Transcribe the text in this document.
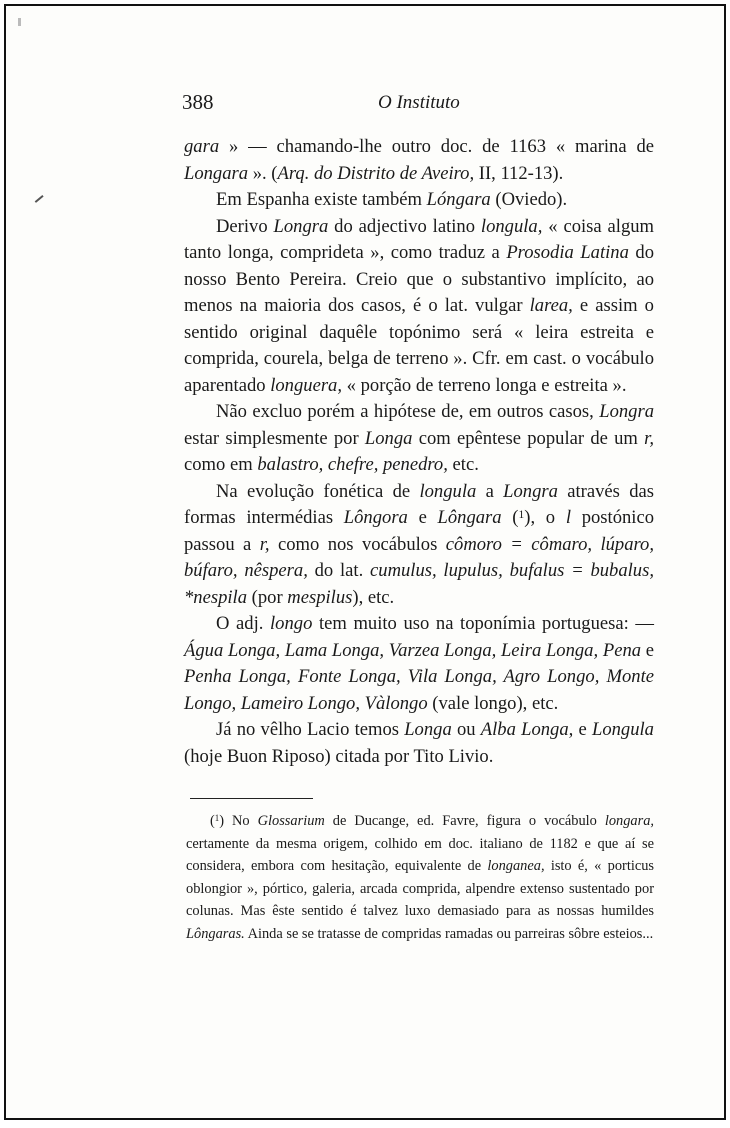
388	O Instituto

gara » — chamando-lhe outro doc. de 1163 « marina de Longara ». (Arq. do Distrito de Aveiro, II, 112-13).

Em Espanha existe também Lóngara (Oviedo).

Derivo Longra do adjectivo latino longula, « coisa algum tanto longa, comprideta », como traduz a Prosodia Latina do nosso Bento Pereira. Creio que o substantivo implícito, ao menos na maioria dos casos, é o lat. vulgar larea, e assim o sentido original daquêle topónimo será « leira estreita e comprida, courela, belga de terreno ». Cfr. em cast. o vocábulo aparentado longuera, « porção de terreno longa e estreita ».

Não excluo porém a hipótese de, em outros casos, Longra estar simplesmente por Longa com epêntese popular de um r, como em balastro, chefre, penedro, etc.

Na evolução fonética de longula a Longra através das formas intermédias Lôngora e Lôngara ($^1$), o l postónico passou a r, como nos vocábulos cômoro = cômaro, lúparo, búfaro, nêspera, do lat. cumulus, lupulus, bufalus = bubalus, *nespila (por mespilus), etc.

O adj. longo tem muito uso na toponímia portuguesa: — Água Longa, Lama Longa, Varzea Longa, Leira Longa, Pena e Penha Longa, Fonte Longa, Vila Longa, Agro Longo, Monte Longo, Lameiro Longo, Vàlongo (vale longo), etc.

Já no vêlho Lacio temos Longa ou Alba Longa, e Longula (hoje Buon Riposo) citada por Tito Livio.

($^1$) No Glossarium de Ducange, ed. Favre, figura o vocábulo longara, certamente da mesma origem, colhido em doc. italiano de 1182 e que aí se considera, embora com hesitação, equivalente de longanea, isto é, « porticus oblongior », pórtico, galeria, arcada comprida, alpendre extenso sustentado por colunas. Mas êste sentido é talvez luxo demasiado para as nossas humildes Lôngaras. Ainda se se tratasse de compridas ramadas ou parreiras sôbre esteios...
